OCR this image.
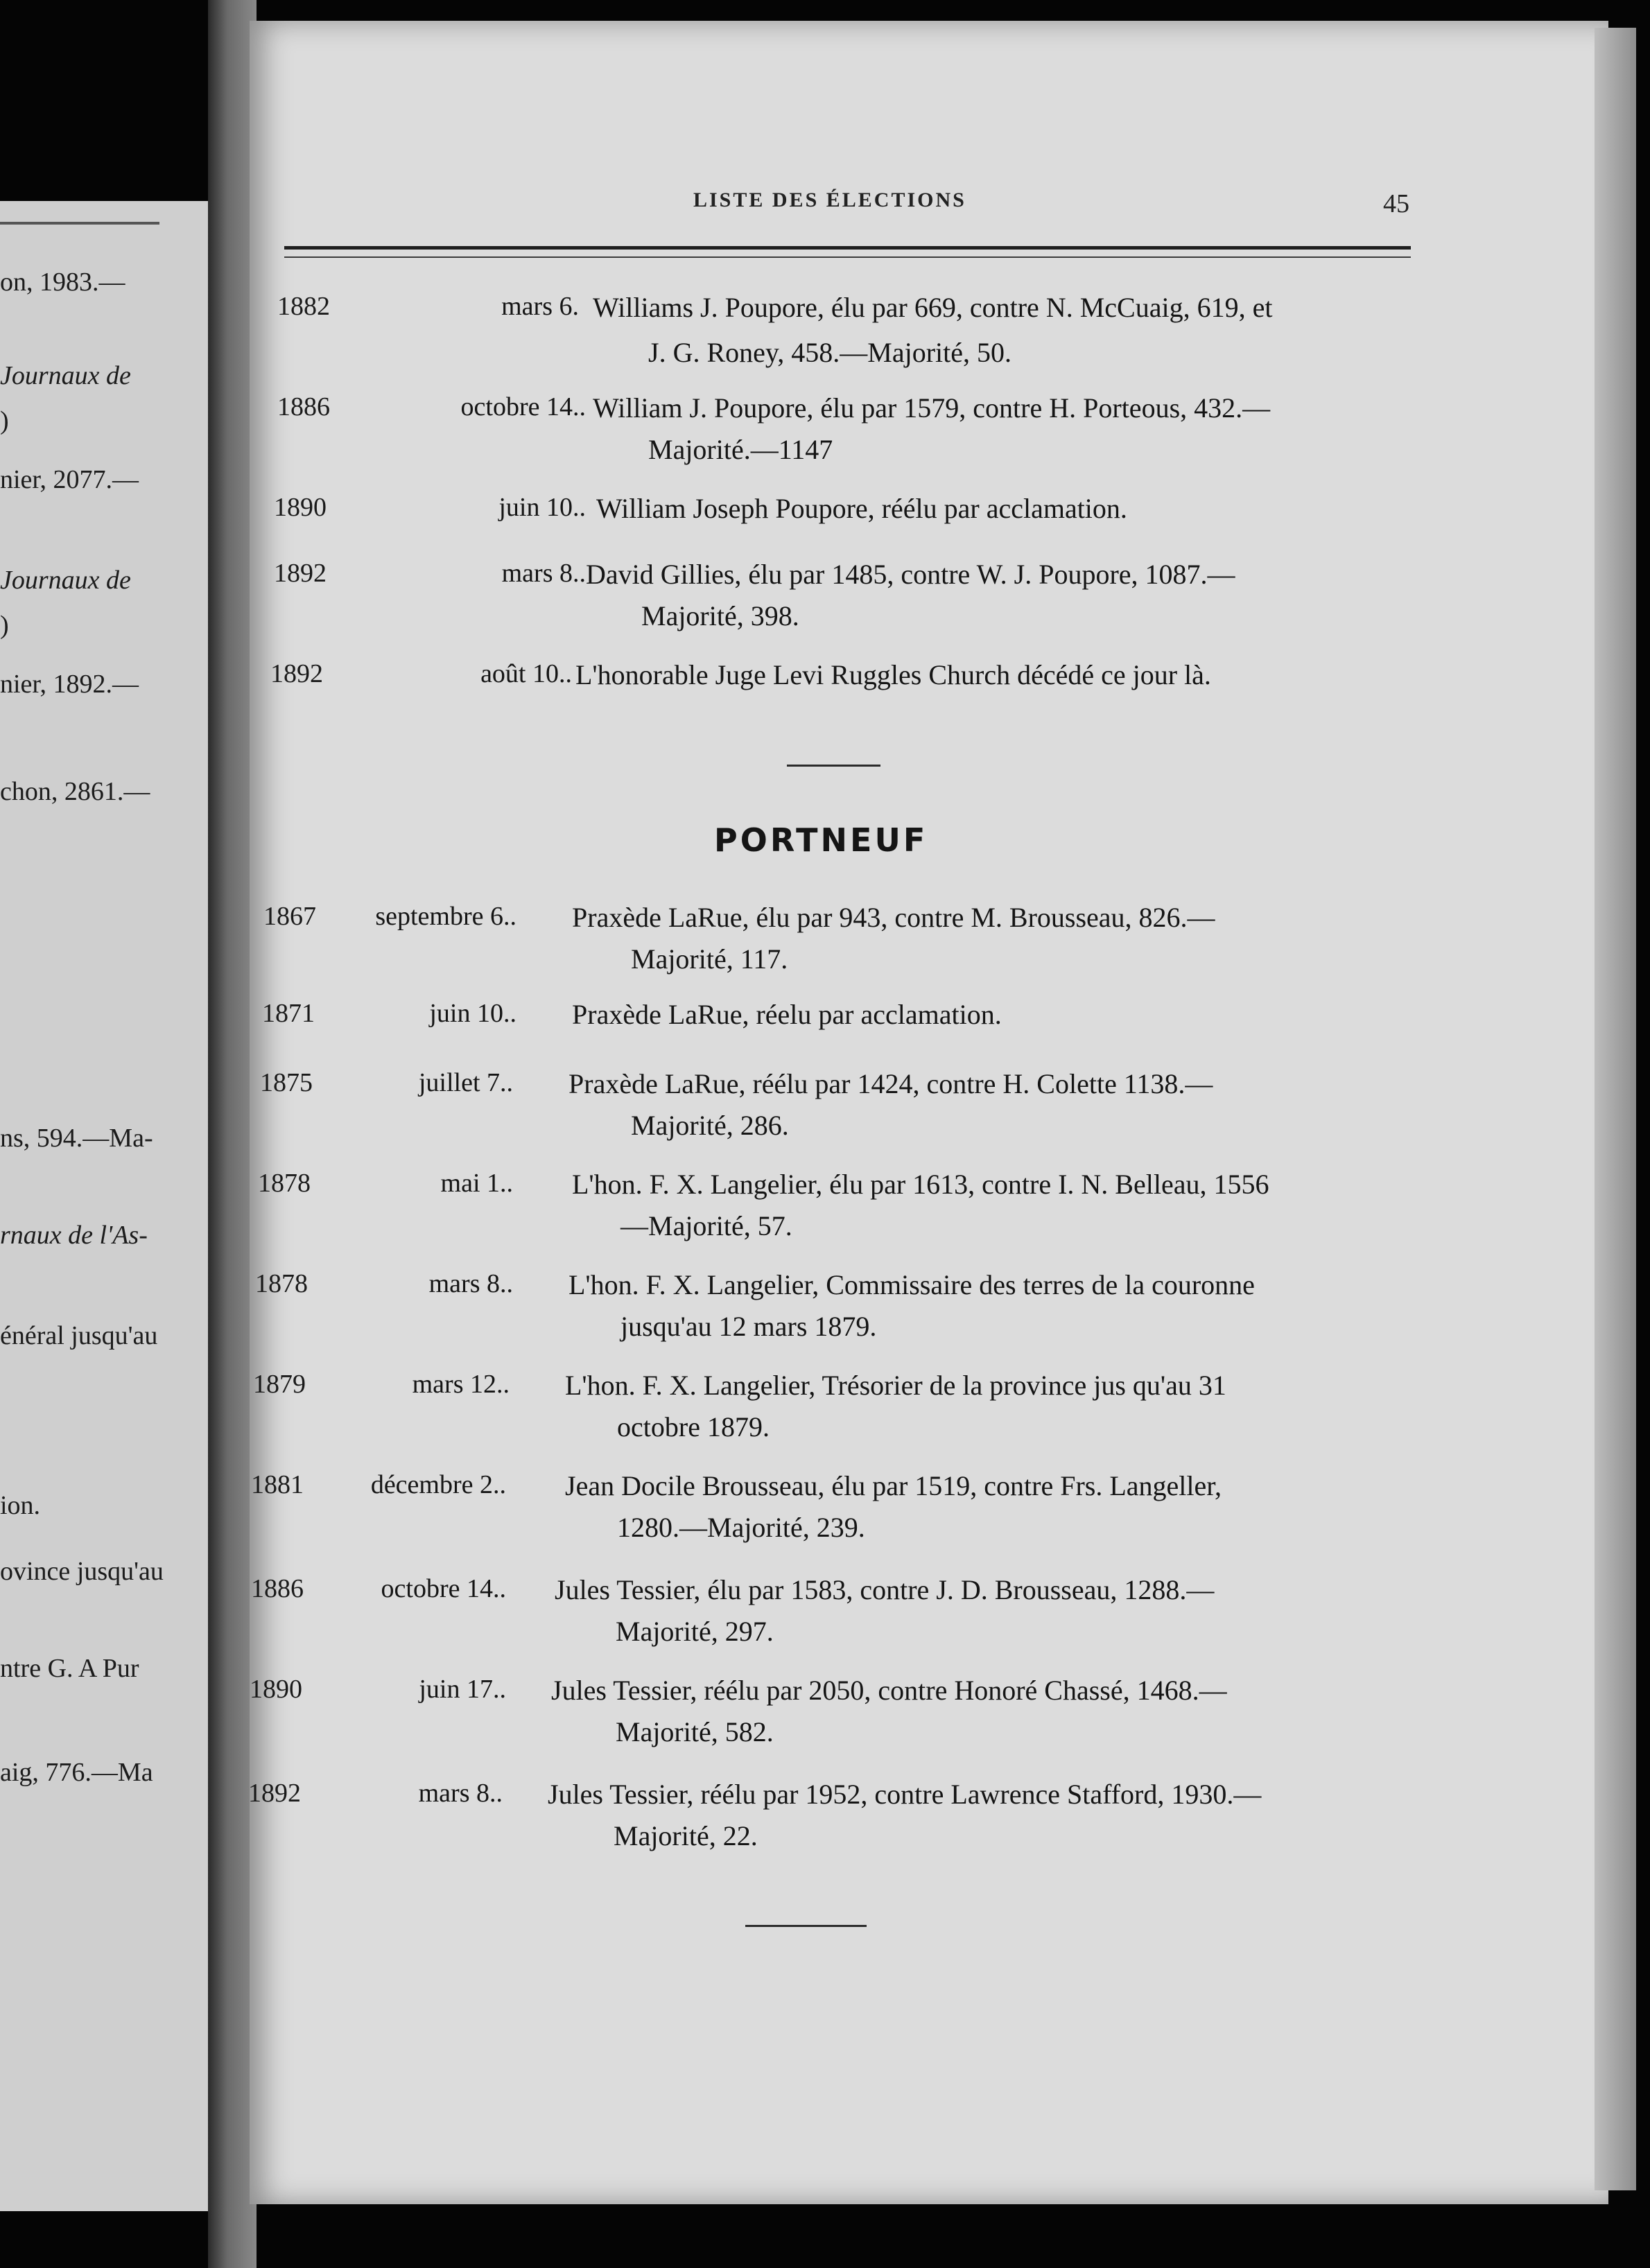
on, 1983.—
Journaux de
)
nier, 2077.—
Journaux de
)
nier, 1892.—
chon, 2861.—
ns, 594.—Ma-
rnaux de l'As-
énéral jusqu'au
ion.
ovince jusqu'au
ntre G. A Pur
aig, 776.—Ma
LISTE DES ÉLECTIONS	45
1882	mars 6. Williams J. Poupore, élu par 669, contre N. McCuaig, 619, et
J. G. Roney, 458.—Majorité, 50.
1886	octobre 14.. William J. Poupore, élu par 1579, contre H. Porteous, 432.—
Majorité.—1147
1890	juin 10.. William Joseph Poupore, réélu par acclamation.
1892	mars 8.. David Gillies, élu par 1485, contre W. J. Poupore, 1087.—
Majorité, 398.
1892	août 10.. L'honorable Juge Levi Ruggles Church décédé ce jour là.
PORTNEUF
1867 septembre 6.. Praxède LaRue, élu par 943, contre M. Brousseau, 826.—
Majorité, 117.
1871	juin 10.. Praxède LaRue, réelu par acclamation.
1875	juillet 7.. Praxède LaRue, réélu par 1424, contre H. Colette 1138.—
Majorité, 286.
1878	mai 1.. L'hon. F. X. Langelier, élu par 1613, contre I. N. Belleau, 1556
—Majorité, 57.
1878	mars 8.. L'hon. F. X. Langelier, Commissaire des terres de la couronne
jusqu'au 12 mars 1879.
1879	mars 12.. L'hon. F. X. Langelier, Trésorier de la province jus qu'au 31
octobre 1879.
1881	décembre 2.. Jean Docile Brousseau, élu par 1519, contre Frs. Langeller,
1280.—Majorité, 239.
1886	octobre 14.. Jules Tessier, élu par 1583, contre J. D. Brousseau, 1288.—
Majorité, 297.
1890	juin 17.. Jules Tessier, réélu par 2050, contre Honoré Chassé, 1468.—
Majorité, 582.
1892	mars 8.. Jules Tessier, réélu par 1952, contre Lawrence Stafford, 1930.—
Majorité, 22.
